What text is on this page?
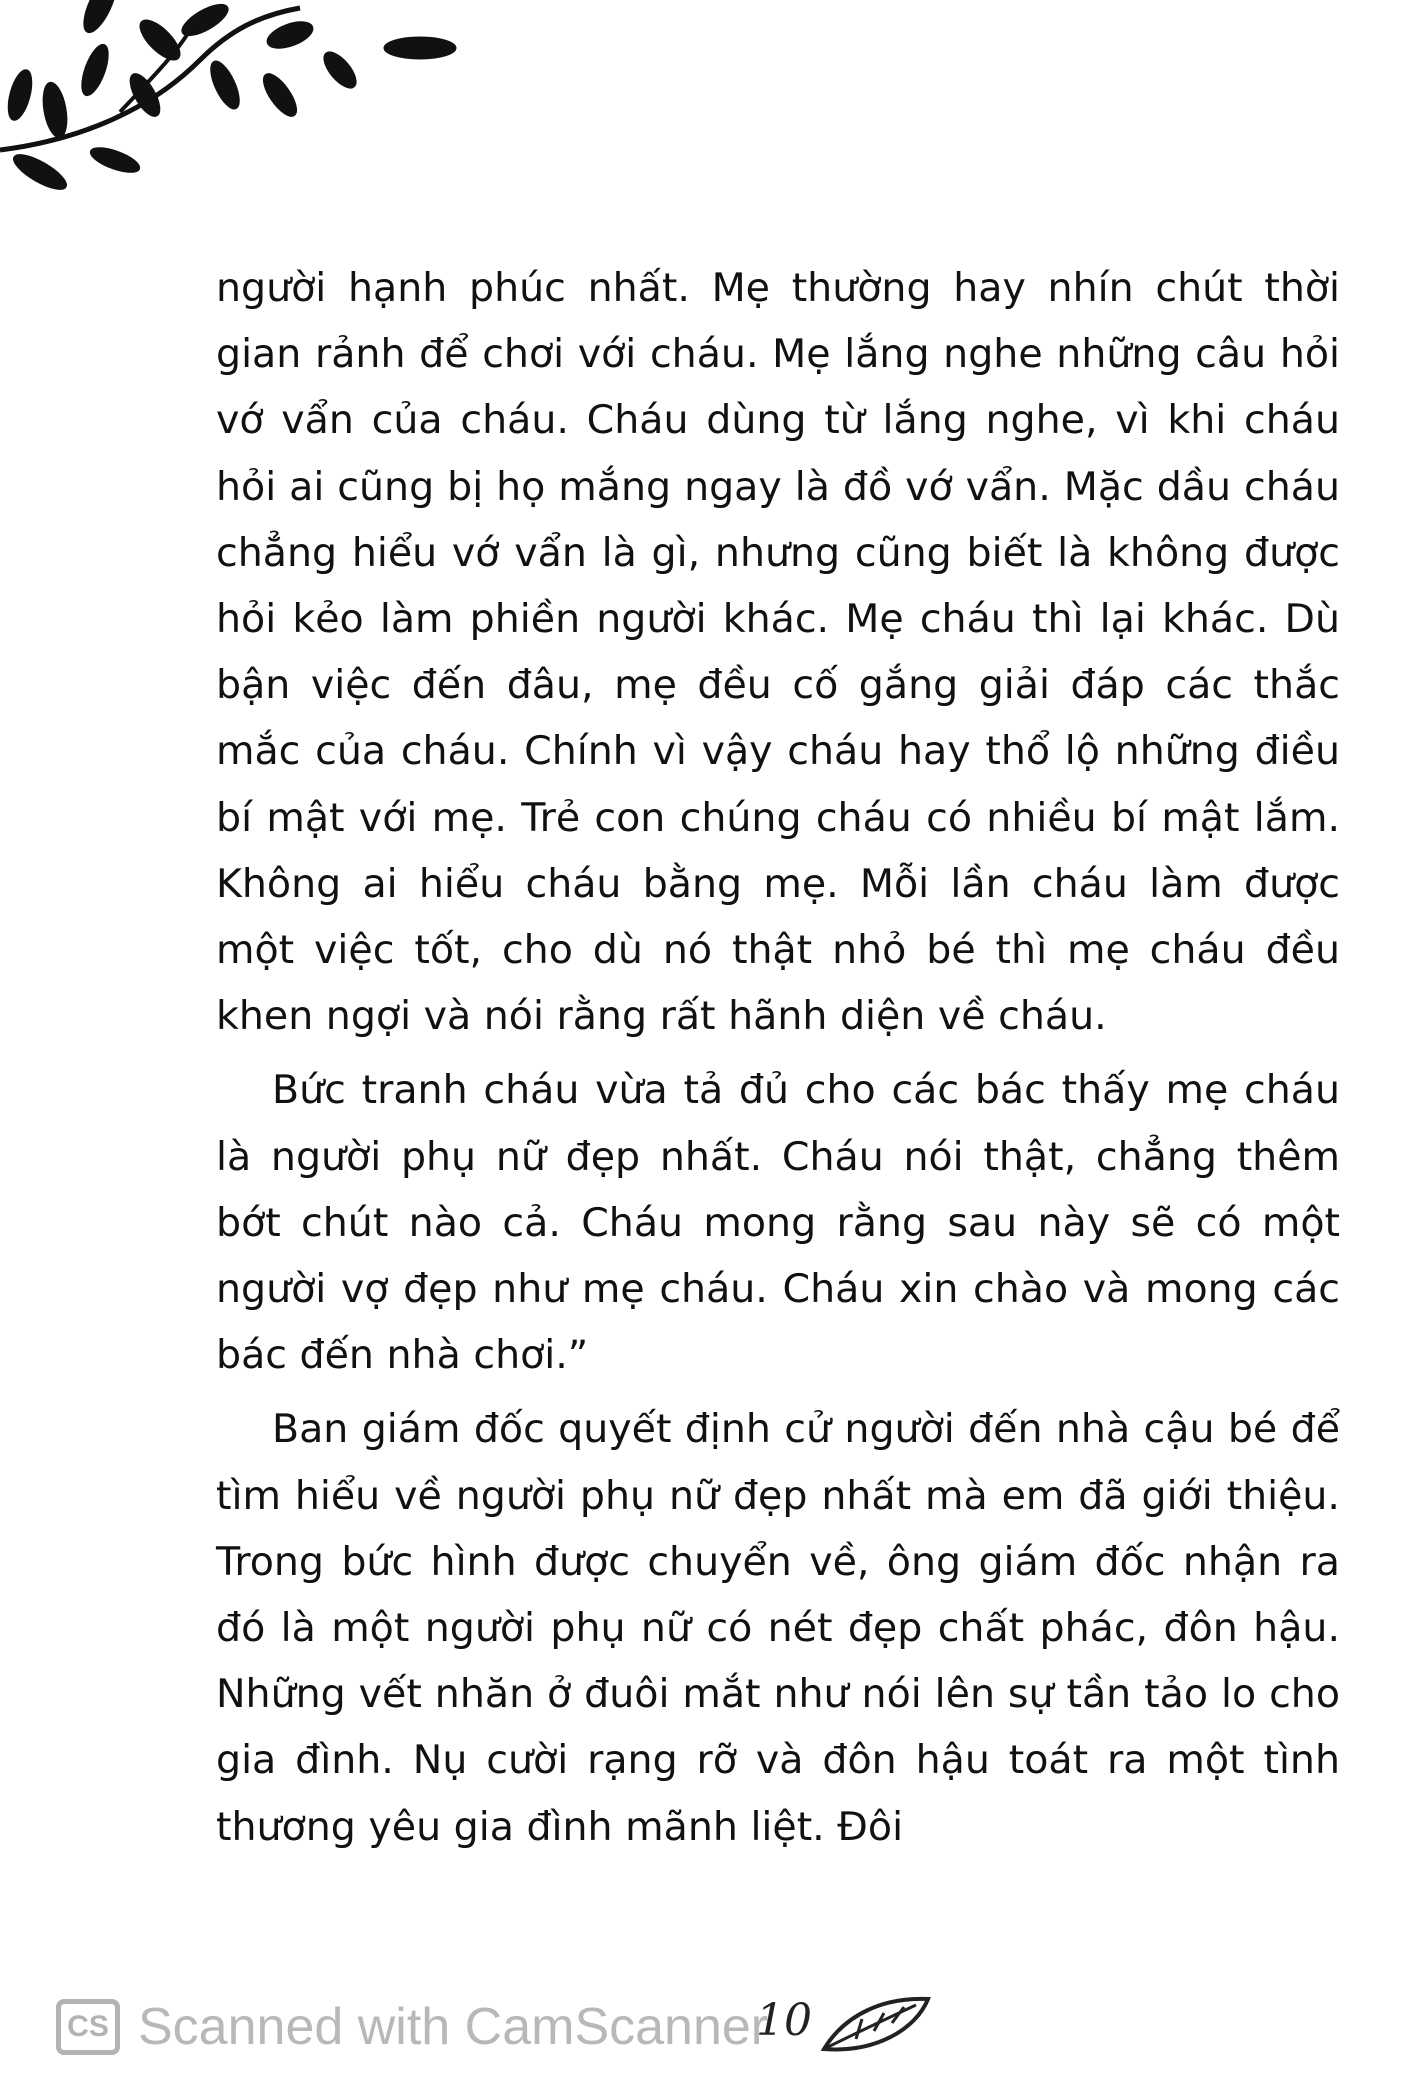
người hạnh phúc nhất. Mẹ thường hay nhín chút thời gian rảnh để chơi với cháu. Mẹ lắng nghe những câu hỏi vớ vẩn của cháu. Cháu dùng từ lắng nghe, vì khi cháu hỏi ai cũng bị họ mắng ngay là đồ vớ vẩn. Mặc dầu cháu chẳng hiểu vớ vẩn là gì, nhưng cũng biết là không được hỏi kẻo làm phiền người khác. Mẹ cháu thì lại khác. Dù bận việc đến đâu, mẹ đều cố gắng giải đáp các thắc mắc của cháu. Chính vì vậy cháu hay thổ lộ những điều bí mật với mẹ. Trẻ con chúng cháu có nhiều bí mật lắm. Không ai hiểu cháu bằng mẹ. Mỗi lần cháu làm được một việc tốt, cho dù nó thật nhỏ bé thì mẹ cháu đều khen ngợi và nói rằng rất hãnh diện về cháu.

Bức tranh cháu vừa tả đủ cho các bác thấy mẹ cháu là người phụ nữ đẹp nhất. Cháu nói thật, chẳng thêm bớt chút nào cả. Cháu mong rằng sau này sẽ có một người vợ đẹp như mẹ cháu. Cháu xin chào và mong các bác đến nhà chơi.”

Ban giám đốc quyết định cử người đến nhà cậu bé để tìm hiểu về người phụ nữ đẹp nhất mà em đã giới thiệu. Trong bức hình được chuyển về, ông giám đốc nhận ra đó là một người phụ nữ có nét đẹp chất phác, đôn hậu. Những vết nhăn ở đuôi mắt như nói lên sự tần tảo lo cho gia đình. Nụ cười rạng rỡ và đôn hậu toát ra một tình thương yêu gia đình mãnh liệt. Đôi

CS Scanned with CamScanner
10
